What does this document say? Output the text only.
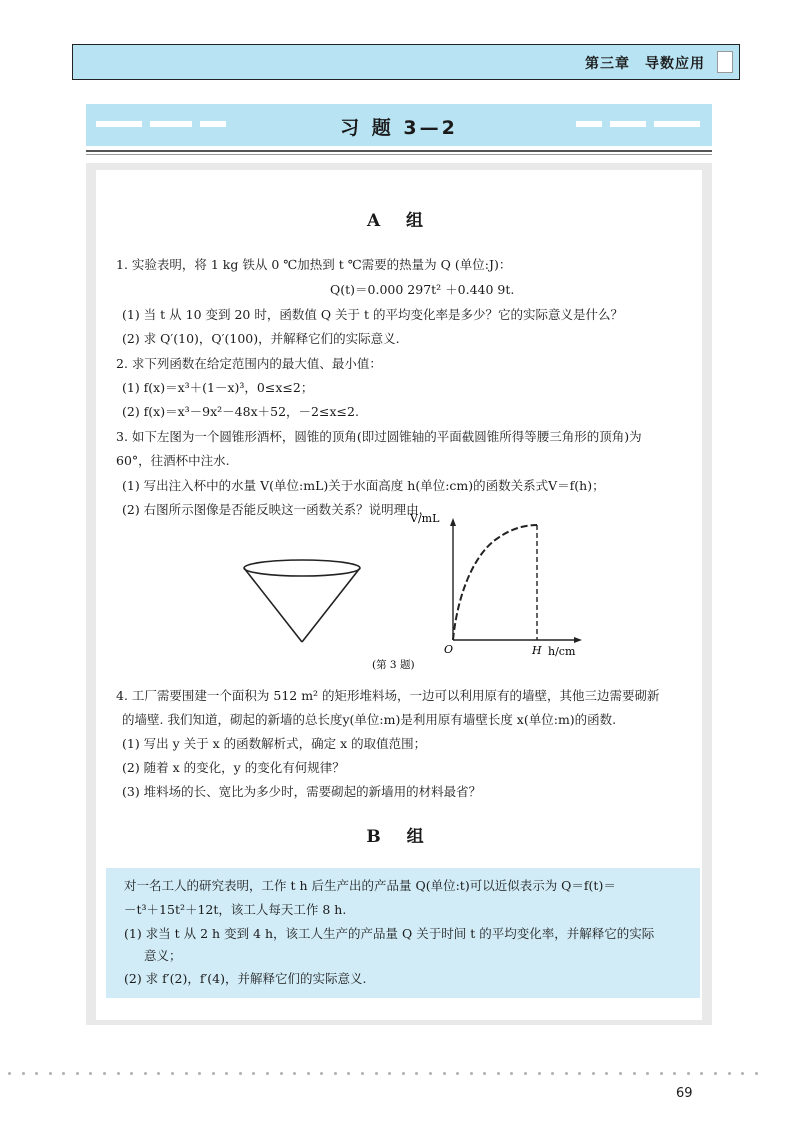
第三章　导数应用
习 题 3—2
A 组
1. 实验表明，将 1 kg 铁从 0 ℃加热到 t ℃需要的热量为 Q (单位:J)：
Q(t)＝0.000 297t² ＋0.440 9t.
(1) 当 t 从 10 变到 20 时，函数值 Q 关于 t 的平均变化率是多少？它的实际意义是什么？
(2) 求 Q′(10)，Q′(100)，并解释它们的实际意义.
2. 求下列函数在给定范围内的最大值、最小值：
(1) f(x)＝x³＋(1－x)³，0≤x≤2；
(2) f(x)＝x³－9x²－48x＋52，－2≤x≤2.
3. 如下左图为一个圆锥形酒杯，圆锥的顶角(即过圆锥轴的平面截圆锥所得等腰三角形的顶角)为
60°，往酒杯中注水.
(1) 写出注入杯中的水量 V(单位:mL)关于水面高度 h(单位:cm)的函数关系式V＝f(h)；
(2) 右图所示图像是否能反映这一函数关系？说明理由.
V/mL
h/cm
O	H
(第 3 题)
4. 工厂需要围建一个面积为 512 m² 的矩形堆料场，一边可以利用原有的墙壁，其他三边需要砌新
的墙壁. 我们知道，砌起的新墙的总长度y(单位:m)是利用原有墙壁长度 x(单位:m)的函数.
(1) 写出 y 关于 x 的函数解析式，确定 x 的取值范围；
(2) 随着 x 的变化，y 的变化有何规律？
(3) 堆料场的长、宽比为多少时，需要砌起的新墙用的材料最省？
B 组
对一名工人的研究表明，工作 t h 后生产出的产品量 Q(单位:t)可以近似表示为 Q＝f(t)＝
－t³＋15t²＋12t，该工人每天工作 8 h.
(1) 求当 t 从 2 h 变到 4 h，该工人生产的产品量 Q 关于时间 t 的平均变化率，并解释它的实际
意义；
(2) 求 f′(2)，f′(4)，并解释它们的实际意义.
69
